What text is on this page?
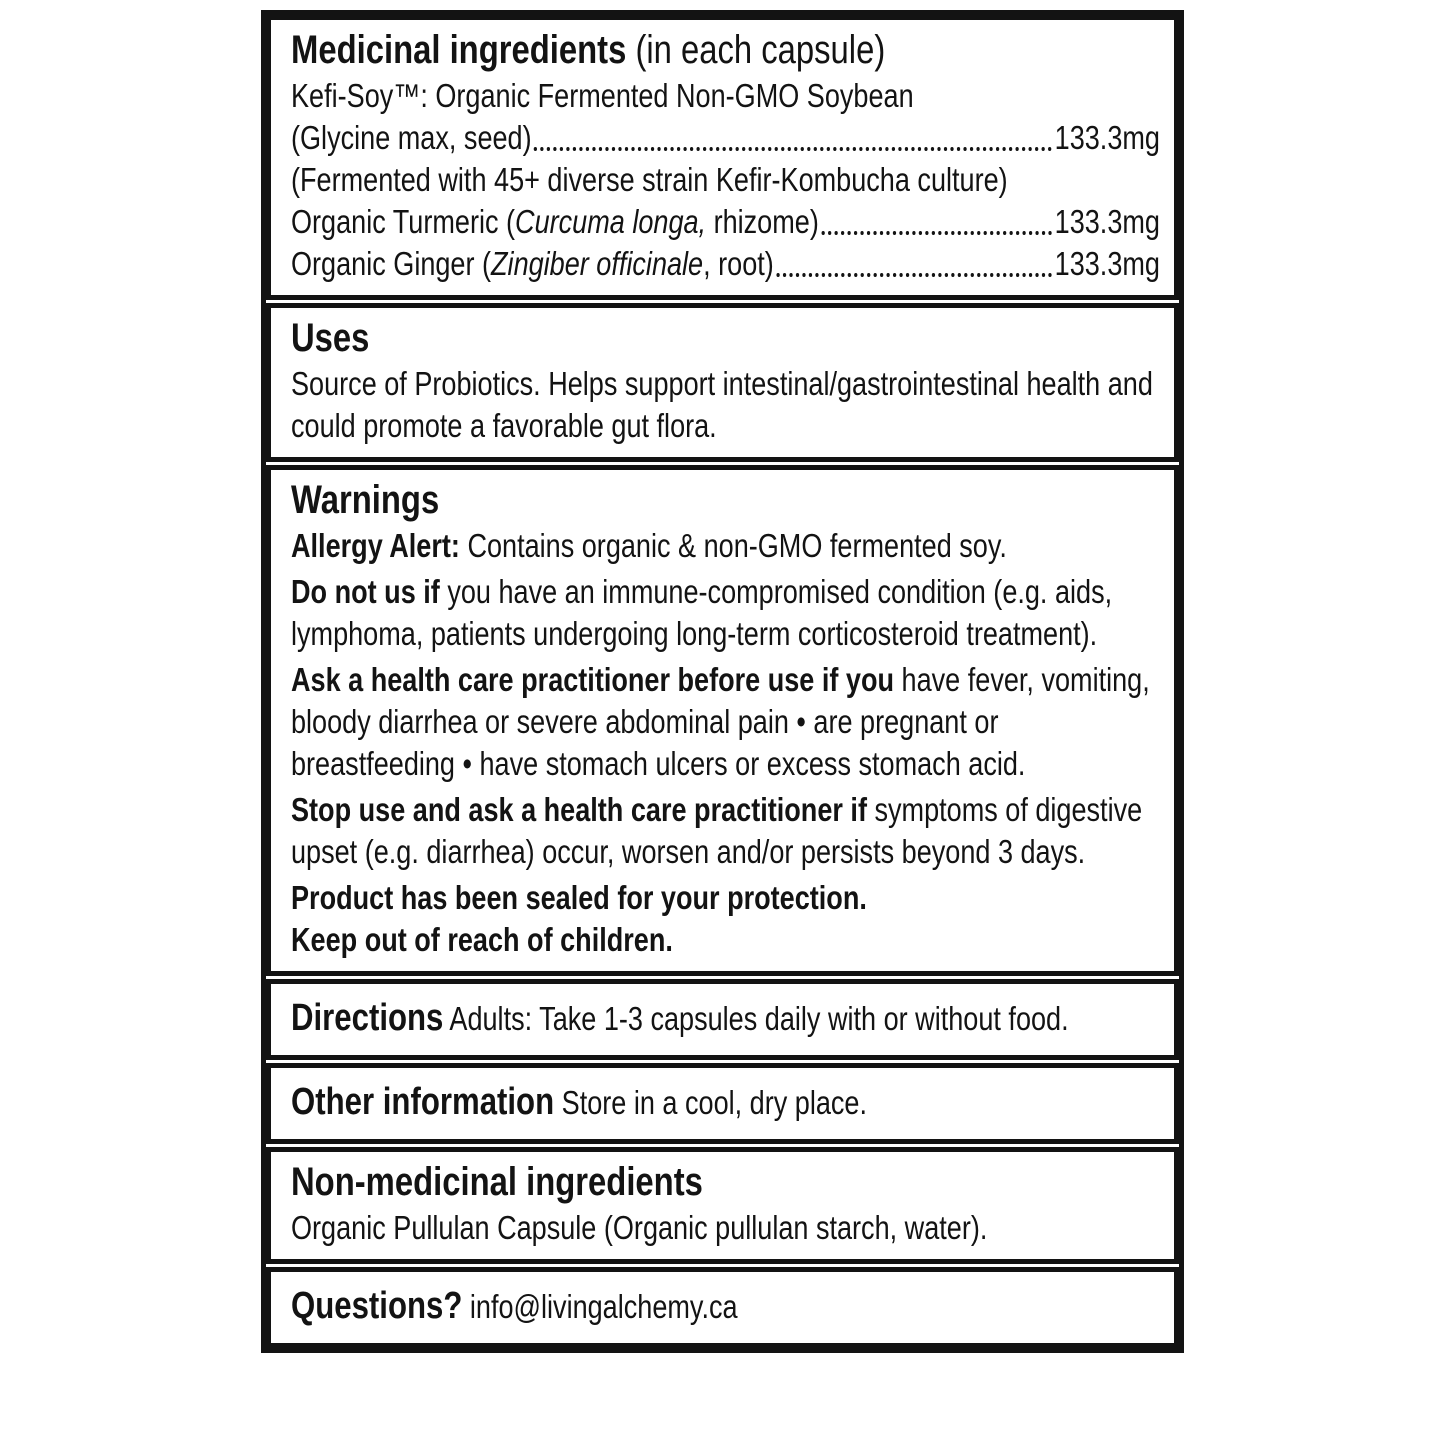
Medicinal ingredients (in each capsule)

Kefi-Soy™: Organic Fermented Non-GMO Soybean

(Glycine max, seed)	133.3mg

(Fermented with 45+ diverse strain Kefir-Kombucha culture)

Organic Turmeric (Curcuma longa, rhizome)	133.3mg
Organic Ginger (Zingiber officinale, root)	133.3mg
Uses

Source of Probiotics. Helps support intestinal/gastrointestinal health and could promote a favorable gut flora.

Warnings

Allergy Alert: Contains organic & non-GMO fermented soy.

Do not us if you have an immune-compromised condition (e.g. aids, lymphoma, patients undergoing long-term corticosteroid treatment).

Ask a health care practitioner before use if you have fever, vomiting, bloody diarrhea or severe abdominal pain • are pregnant or breastfeeding • have stomach ulcers or excess stomach acid.

Stop use and ask a health care practitioner if symptoms of digestive upset (e.g. diarrhea) occur, worsen and/or persists beyond 3 days.

Product has been sealed for your protection.

Keep out of reach of children.

Directions Adults: Take 1-3 capsules daily with or without food.

Other information Store in a cool, dry place.

Non-medicinal ingredients

Organic Pullulan Capsule (Organic pullulan starch, water).

Questions? info@livingalchemy.ca
